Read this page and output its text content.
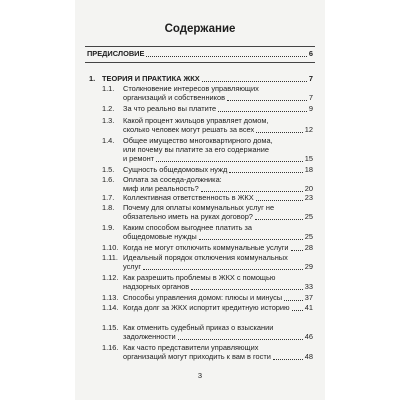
Содержание
ПРЕДИСЛОВИЕ	6
1. ТЕОРИЯ И ПРАКТИКА ЖКХ	7
1.1. Столкновение интересов управляющих
организаций и собственников	7
1.2. За что реально вы платите	9
1.3. Какой процент жильцов управляет домом,
сколько человек могут решать за всех	12
1.4. Общее имущество многоквартирного дома,
или почему вы платите за его содержание
и ремонт	15
1.5. Сущность общедомовых нужд	18
1.6. Оплата за соседа-должника:
миф или реальность?	20
1.7. Коллективная ответственность в ЖКХ	23
1.8. Почему для оплаты коммунальных услуг не
обязательно иметь на руках договор?	25
1.9. Каким способом выгоднее платить за
общедомовые нужды	25
1.10. Когда не могут отключить коммунальные услуги 28
1.11. Идеальный порядок отключения коммунальных
услуг	29
1.12. Как разрешить проблемы в ЖКХ с помощью
надзорных органов	33
1.13. Способы управления домом: плюсы и минусы	37
1.14. Когда долг за ЖКХ испортит кредитную историю 41
1.15. Как отменить судебный приказ о взыскании
задолженности	46
1.16. Как часто представители управляющих
организаций могут приходить к вам в гости	48
3
